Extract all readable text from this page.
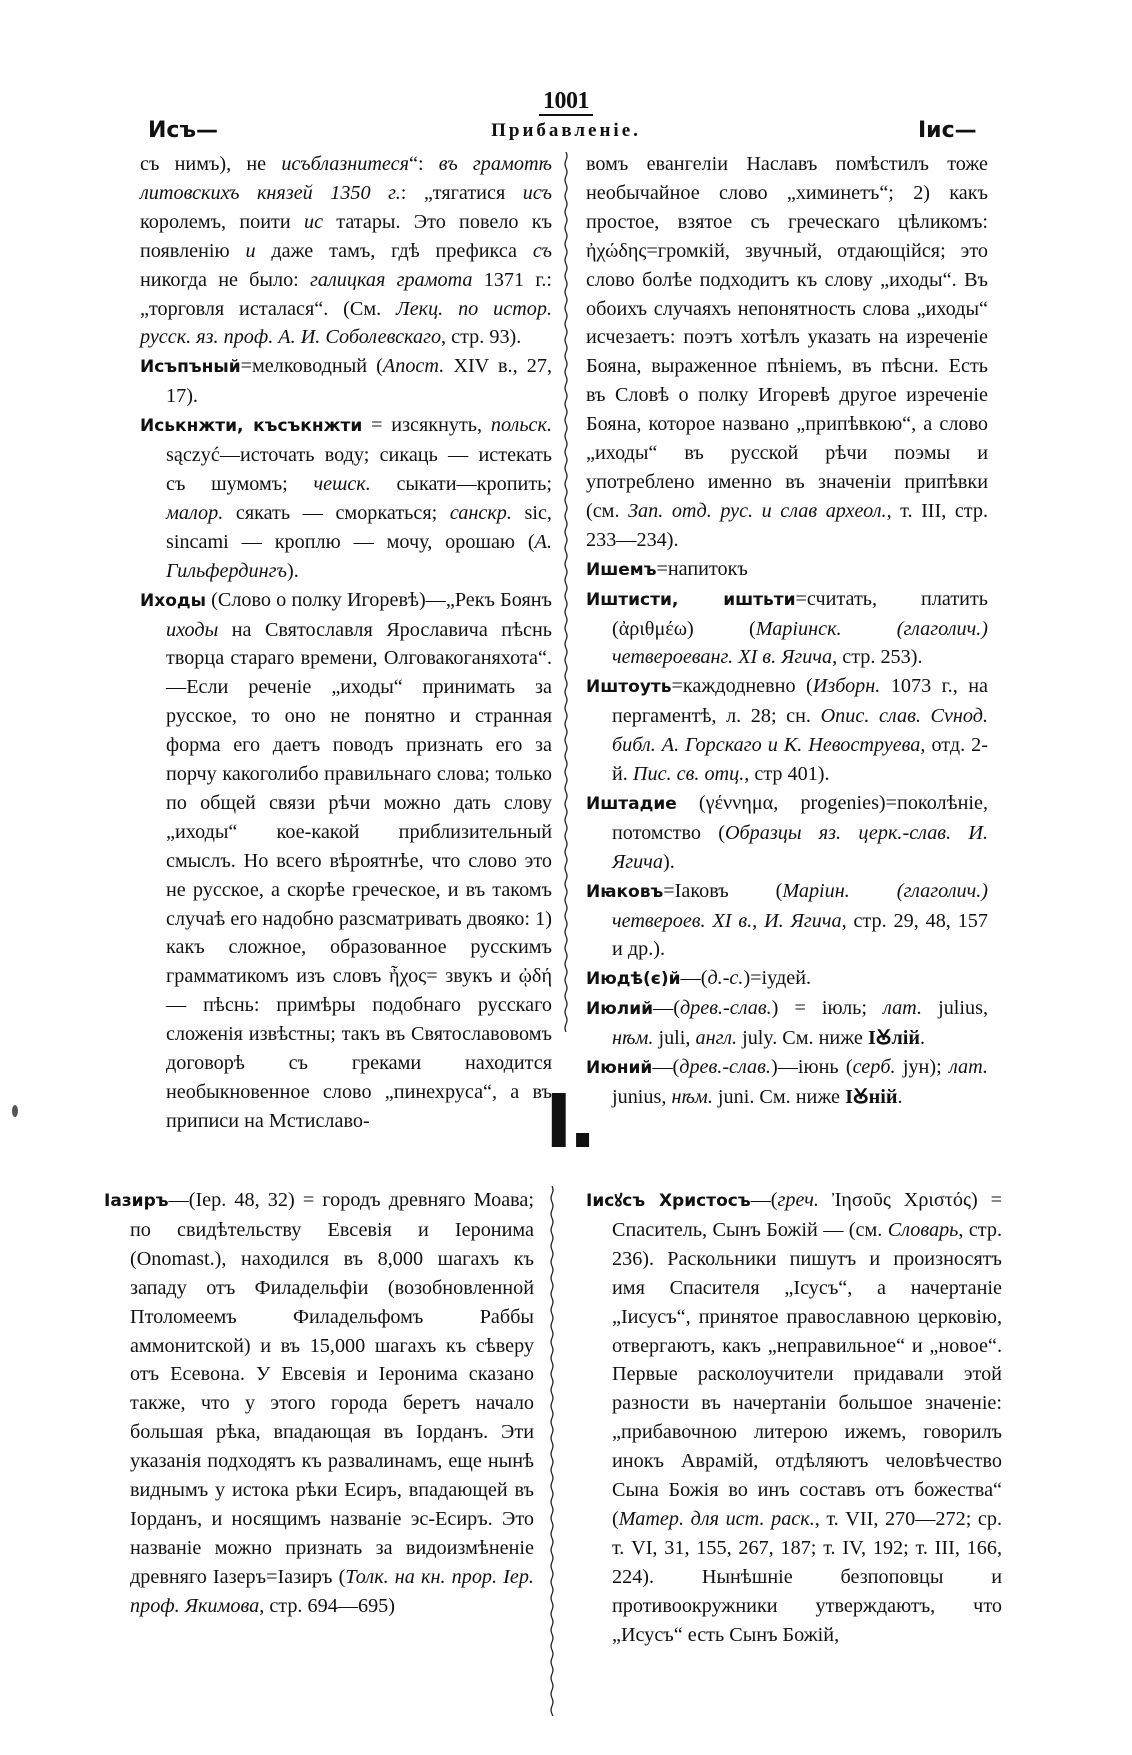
1001
Исъ—	Прибавленіе.	Іис—

съ нимъ), не исъблазнитеся“: въ грамотѣ литовскихъ князей 1350 г.: „тягатися исъ королемъ, поити ис татары. Это повело къ появленію и даже тамъ, гдѣ префикса съ никогда не было: галицкая грамота 1371 г.: „торговля исталася“. (См. Лекц. по истор. русск. яз. проф. А. И. Соболевскаго, стр. 93).

Исъпъный=мелководный (Апост. XIV в., 27, 17).

Иськнжти, късъкнжти = изсякнуть, польск. sączyć—источать воду; сикаць — истекать съ шумомъ; чешск. сыкати—кропить; малор. сякать — сморкаться; санскр. sic, sincami — кроплю — мочу, орошаю (А. Гильфердингъ).

Иходы (Слово о полку Игоревѣ)—„Рекъ Боянъ иходы на Святославля Ярославича пѣснь творца стараго времени, Олговакоганяхота“.—Если реченіе „иходы“ принимать за русское, то оно не понятно и странная форма его даетъ поводъ признать его за порчу какоголибо правильнаго слова; только по общей связи рѣчи можно дать слову „иходы“ кое-какой приблизительный смыслъ. Но всего вѣроятнѣе, что слово это не русское, а скорѣе греческое, и въ такомъ случаѣ его надобно разсматривать двояко: 1) какъ сложное, образованное русскимъ грамматикомъ изъ словъ ἦχος= звукъ и ᾠδή — пѣснь: примѣры подобнаго русскаго сложенія извѣстны; такъ въ Святославовомъ договорѣ съ греками находится необыкновенное слово „пинехруса“, а въ приписи на Мстиславо-

вомъ евангеліи Наславъ помѣстилъ тоже необычайное слово „химинетъ“; 2) какъ простое, взятое съ греческаго цѣликомъ: ἠχώδης=громкій, звучный, отдающійся; это слово болѣе подходитъ къ слову „иходы“. Въ обоихъ случаяхъ непонятность слова „иходы“ исчезаетъ: поэтъ хотѣлъ указать на изреченіе Бояна, выраженное пѣніемъ, въ пѣсни. Есть въ Словѣ о полку Игоревѣ другое изреченіе Бояна, которое названо „припѣвкою“, а слово „иходы“ въ русской рѣчи поэмы и употреблено именно въ значеніи припѣвки (см. Зап. отд. рус. и слав археол., т. III, стр. 233—234).

Ишемъ=напитокъ

Иштисти, иштьти=считать, платить (ἀριθμέω) (Маріинск. (глаголич.) четвероеванг. XI в. Ягича, стр. 253).

Иштоуть=каждодневно (Изборн. 1073 г., на пергаментѣ, л. 28; сн. Опис. слав. Сvнод. библ. А. Горскаго и К. Невоструева, отд. 2-й. Пис. св. отц., стр 401).

Иштадие (γέννημα, progenies)=поколѣніе, потомство (Образцы яз. церк.-слав. И. Ягича).

Иꙗковъ=Іаковъ (Маріин. (глаголич.) четвероев. XI в., И. Ягича, стр. 29, 48, 157 и др.).

Июдѣ(є)й—(д.-с.)=іудей.

Июлий—(древ.-слав.) = іюль; лат. julius, нѣм. juli, англ. july. См. ниже ІꙊлій.

Июний—(древ.-слав.)—іюнь (серб. јун); лат. junius, нѣм. juni. См. ниже ІꙊній.

I.

Іазиръ—(Іер. 48, 32) = городъ древняго Моава; по свидѣтельству Евсевія и Іеронима (Onomast.), находился въ 8,000 шагахъ къ западу отъ Филадельфіи (возобновленной Птоломеемъ Филадельфомъ Раббы аммонитской) и въ 15,000 шагахъ къ сѣверу отъ Есевона. У Евсевія и Іеронима сказано также, что у этого города беретъ начало большая рѣка, впадающая въ Іорданъ. Эти указанія подходятъ къ развалинамъ, еще нынѣ виднымъ у истока рѣки Есиръ, впадающей въ Іорданъ, и носящимъ названіе эс-Есиръ. Это названіе можно признать за видоизмѣненіе древняго Іазеръ=Іазиръ (Толк. на кн. прор. Іер. проф. Якимова, стр. 694—695)

Іисꙋсъ Христосъ—(греч. Ἰησοῦς Χριστός) = Спаситель, Сынъ Божій — (см. Словарь, стр. 236). Раскольники пишутъ и произносятъ имя Спасителя „Ісусъ“, а начертаніе „Іисусъ“, принятое православною церковію, отвергаютъ, какъ „неправильное“ и „новое“. Первые расколоучители придавали этой разности въ начертаніи большое значеніе: „прибавочною литерою ижемъ, говорилъ инокъ Аврамій, отдѣляютъ человѣчество Сына Божія во инъ составъ отъ божества“ (Матер. для ист. раск., т. VII, 270—272; ср. т. VI, 31, 155, 267, 187; т. IV, 192; т. III, 166, 224). Нынѣшніе безпоповцы и противоокружники утверждаютъ, что „Исусъ“ есть Сынъ Божій,
